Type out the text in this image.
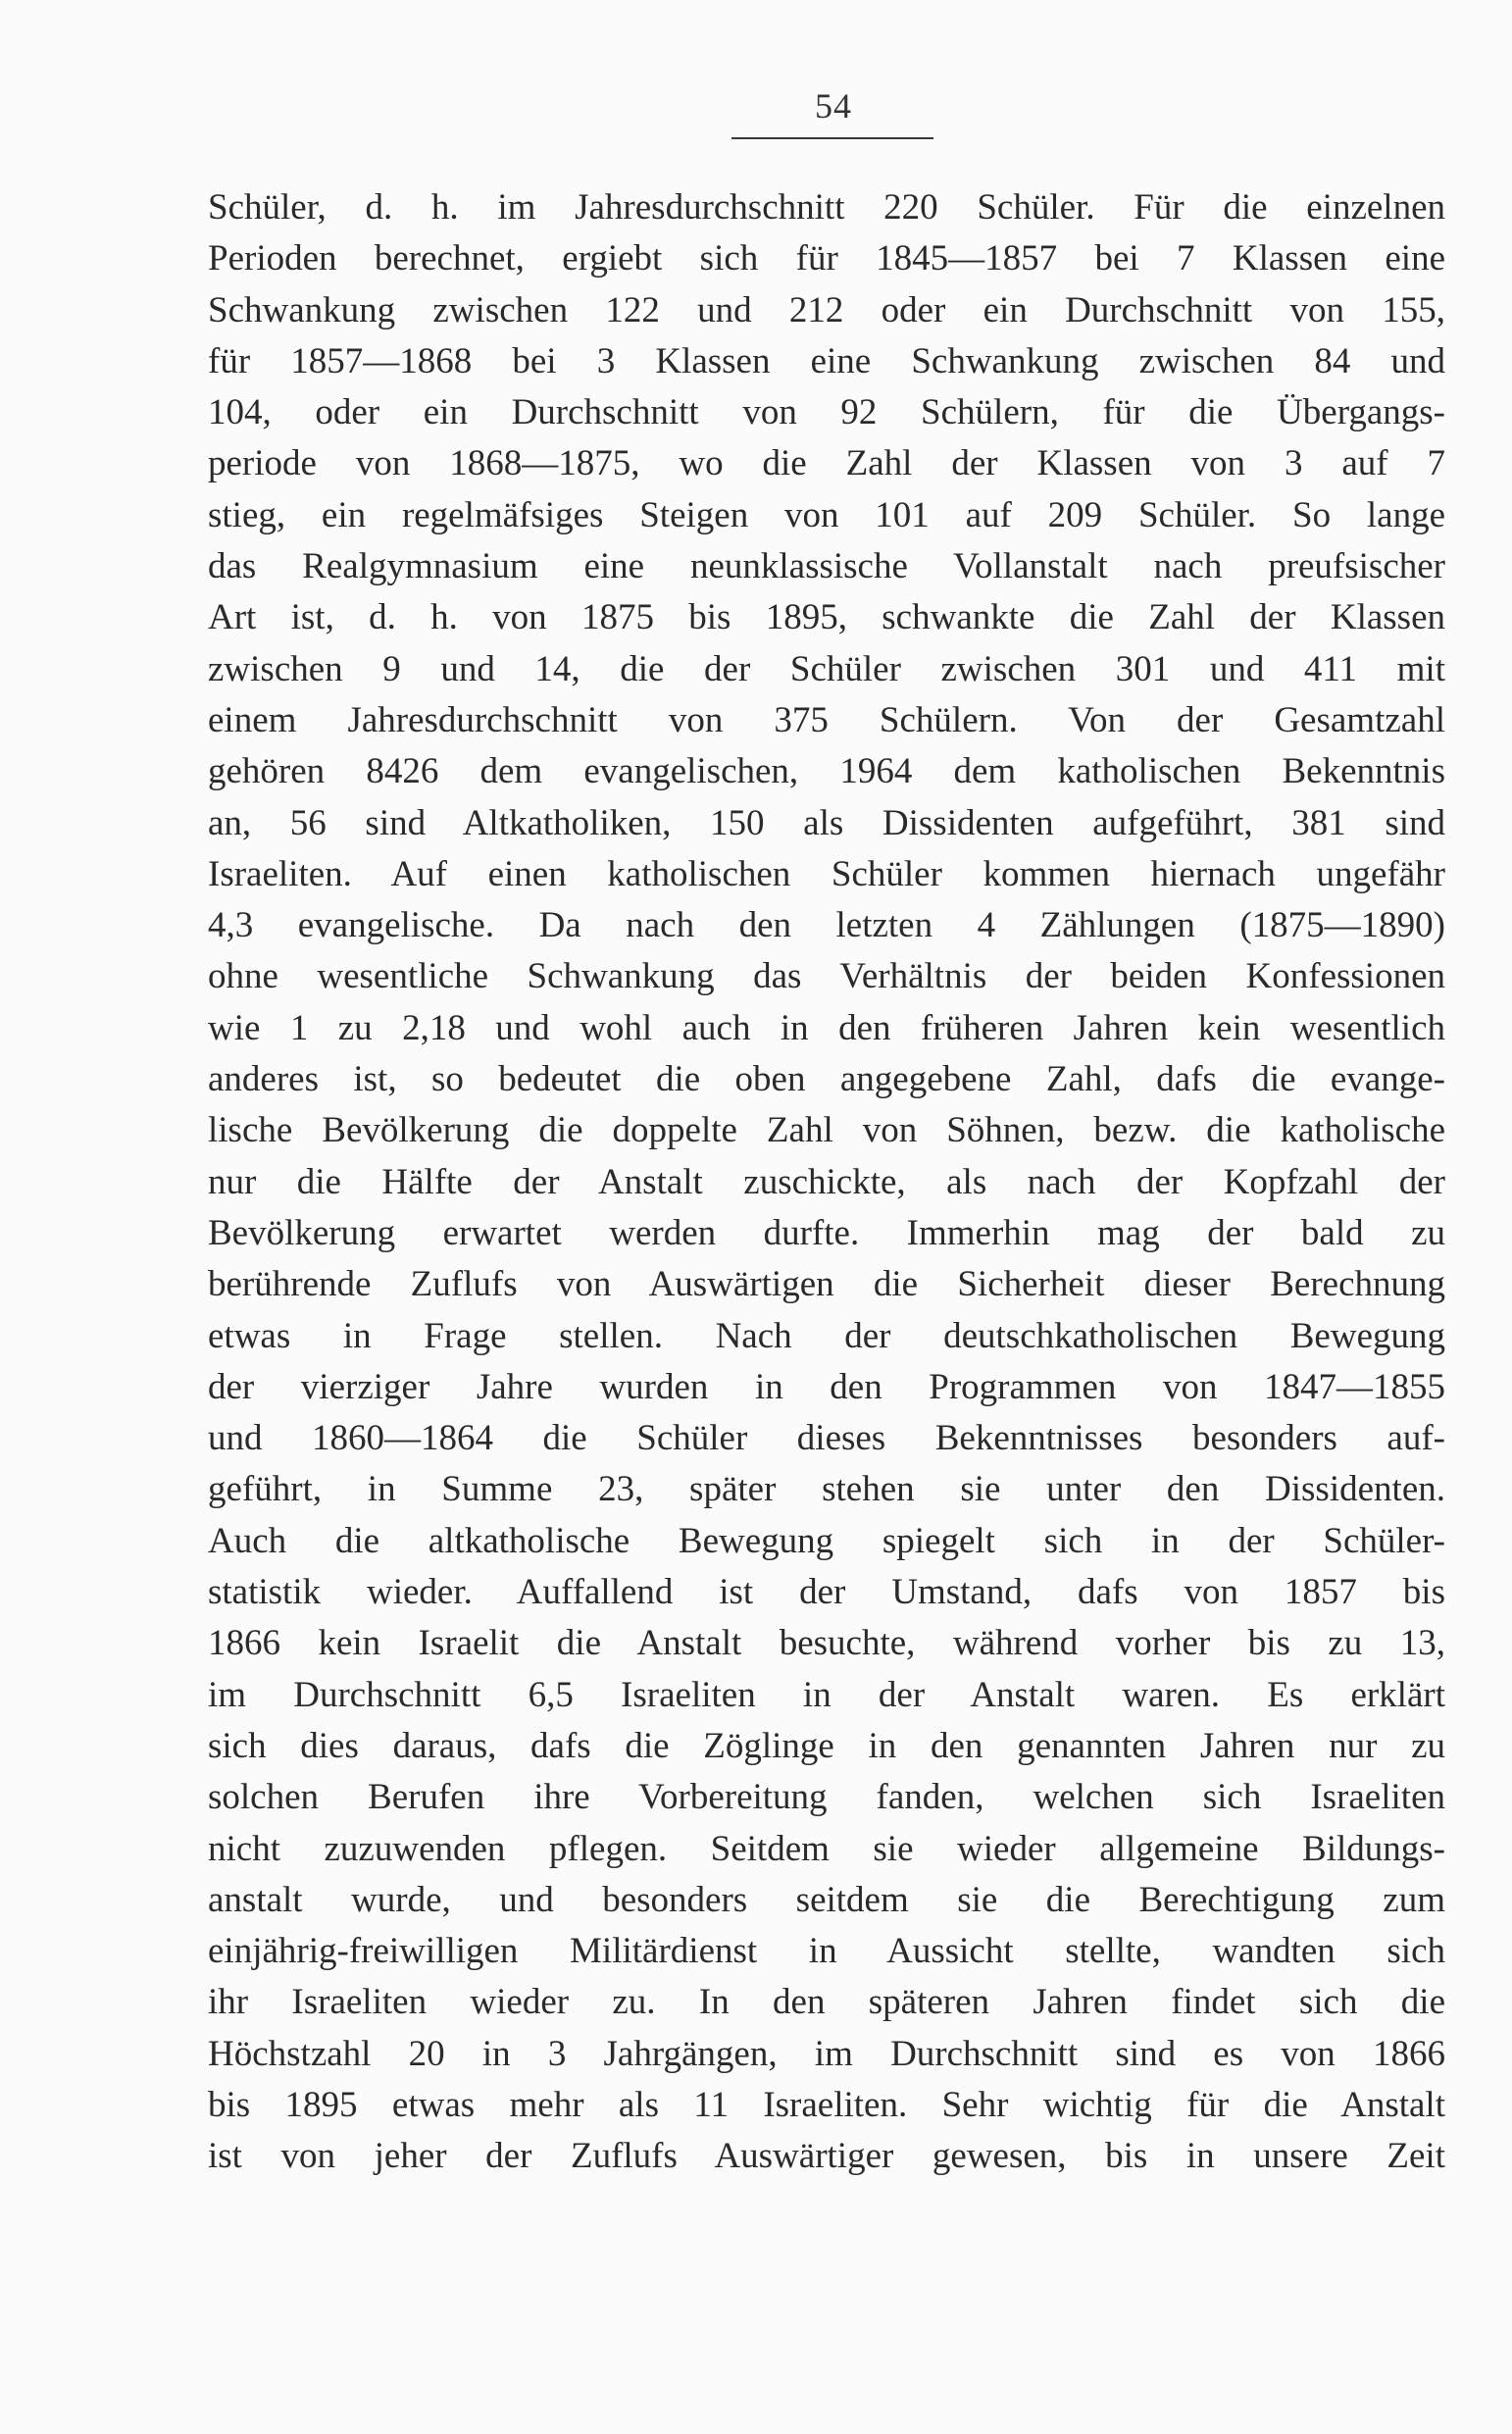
54
Schüler, d. h. im Jahresdurchschnitt 220 Schüler. Für die einzelnen
Perioden berechnet, ergiebt sich für 1845—1857 bei 7 Klassen eine
Schwankung zwischen 122 und 212 oder ein Durchschnitt von 155,
für 1857—1868 bei 3 Klassen eine Schwankung zwischen 84 und
104, oder ein Durchschnitt von 92 Schülern, für die Übergangs-
periode von 1868—1875, wo die Zahl der Klassen von 3 auf 7
stieg, ein regelmäfsiges Steigen von 101 auf 209 Schüler. So lange
das Realgymnasium eine neunklassische Vollanstalt nach preufsischer
Art ist, d. h. von 1875 bis 1895, schwankte die Zahl der Klassen
zwischen 9 und 14, die der Schüler zwischen 301 und 411 mit
einem Jahresdurchschnitt von 375 Schülern. Von der Gesamtzahl
gehören 8426 dem evangelischen, 1964 dem katholischen Bekenntnis
an, 56 sind Altkatholiken, 150 als Dissidenten aufgeführt, 381 sind
Israeliten. Auf einen katholischen Schüler kommen hiernach ungefähr
4,3 evangelische. Da nach den letzten 4 Zählungen (1875—1890)
ohne wesentliche Schwankung das Verhältnis der beiden Konfessionen
wie 1 zu 2,18 und wohl auch in den früheren Jahren kein wesentlich
anderes ist, so bedeutet die oben angegebene Zahl, dafs die evange-
lische Bevölkerung die doppelte Zahl von Söhnen, bezw. die katholische
nur die Hälfte der Anstalt zuschickte, als nach der Kopfzahl der
Bevölkerung erwartet werden durfte. Immerhin mag der bald zu
berührende Zuflufs von Auswärtigen die Sicherheit dieser Berechnung
etwas in Frage stellen. Nach der deutschkatholischen Bewegung
der vierziger Jahre wurden in den Programmen von 1847—1855
und 1860—1864 die Schüler dieses Bekenntnisses besonders auf-
geführt, in Summe 23, später stehen sie unter den Dissidenten.
Auch die altkatholische Bewegung spiegelt sich in der Schüler-
statistik wieder. Auffallend ist der Umstand, dafs von 1857 bis
1866 kein Israelit die Anstalt besuchte, während vorher bis zu 13,
im Durchschnitt 6,5 Israeliten in der Anstalt waren. Es erklärt
sich dies daraus, dafs die Zöglinge in den genannten Jahren nur zu
solchen Berufen ihre Vorbereitung fanden, welchen sich Israeliten
nicht zuzuwenden pflegen. Seitdem sie wieder allgemeine Bildungs-
anstalt wurde, und besonders seitdem sie die Berechtigung zum
einjährig-freiwilligen Militärdienst in Aussicht stellte, wandten sich
ihr Israeliten wieder zu. In den späteren Jahren findet sich die
Höchstzahl 20 in 3 Jahrgängen, im Durchschnitt sind es von 1866
bis 1895 etwas mehr als 11 Israeliten. Sehr wichtig für die Anstalt
ist von jeher der Zuflufs Auswärtiger gewesen, bis in unsere Zeit
